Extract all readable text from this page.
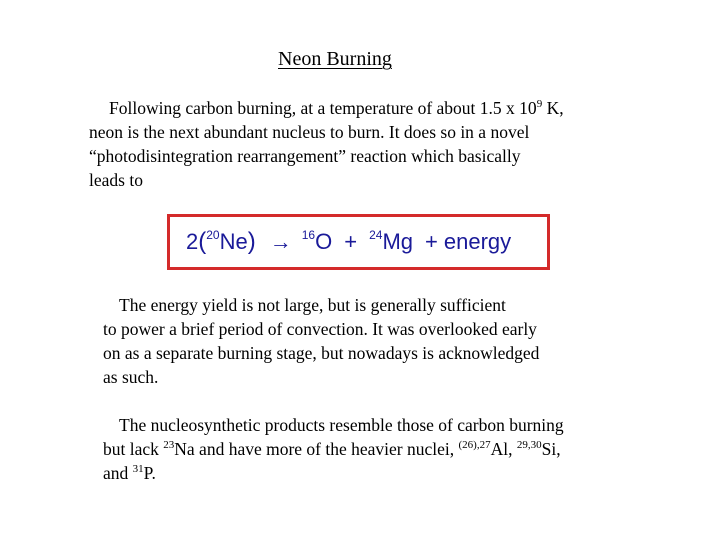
Neon Burning
Following carbon burning, at a temperature of about 1.5 x $10^9$ K,
neon is the next abundant nucleus to burn. It does so in a novel
“photodisintegration rearrangement” reaction which basically
leads to
2($^{20}$Ne) → $^{16}$O + $^{24}$Mg + energy
The energy yield is not large, but is generally sufficient
to power a brief period of convection. It was overlooked early
on as a separate burning stage, but nowadays is acknowledged
as such.
The nucleosynthetic products resemble those of carbon burning
but lack $^{23}$Na and have more of the heavier nuclei, $^{(26),27}$Al, $^{29,30}$Si,
and $^{31}$P.
